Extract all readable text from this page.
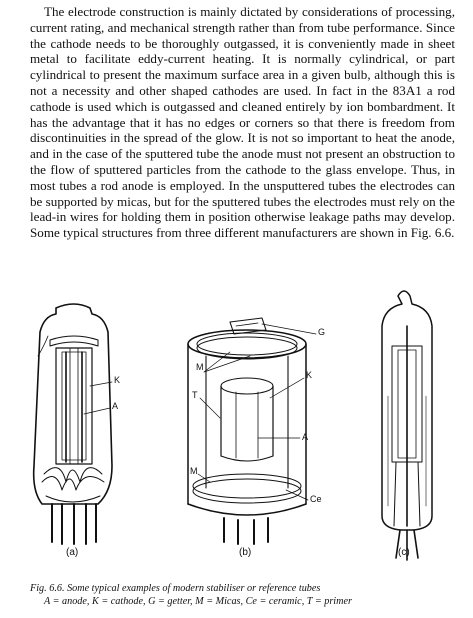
The electrode construction is mainly dictated by considerations of processing, current rating, and mechanical strength rather than from tube performance. Since the cathode needs to be thoroughly outgassed, it is conveniently made in sheet metal to facilitate eddy-current heating. It is normally cylindrical, or part cylindrical to present the maximum surface area in a given bulb, although this is not a necessity and other shaped cathodes are used. In fact in the 83A1 a rod cathode is used which is outgassed and cleaned entirely by ion bombardment. It has the advantage that it has no edges or corners so that there is freedom from discontinuities in the spread of the glow. It is not so important to heat the anode, and in the case of the sputtered tube the anode must not present an obstruction to the flow of sputtered particles from the cathode to the glass envelope. Thus, in most tubes a rod anode is employed. In the unsputtered tubes the electrodes can be supported by micas, but for the sputtered tubes the electrodes must rely on the lead-in wires for holding them in position otherwise leakage paths may develop. Some typical structures from three different manufacturers are shown in Fig. 6.6.

K
A
G
M
K
T
A
M
Ce
(a)	(b)	(c)
Fig. 6.6. Some typical examples of modern stabiliser or reference tubes
A = anode, K = cathode, G = getter, M = Micas, Ce = ceramic, T = primer
